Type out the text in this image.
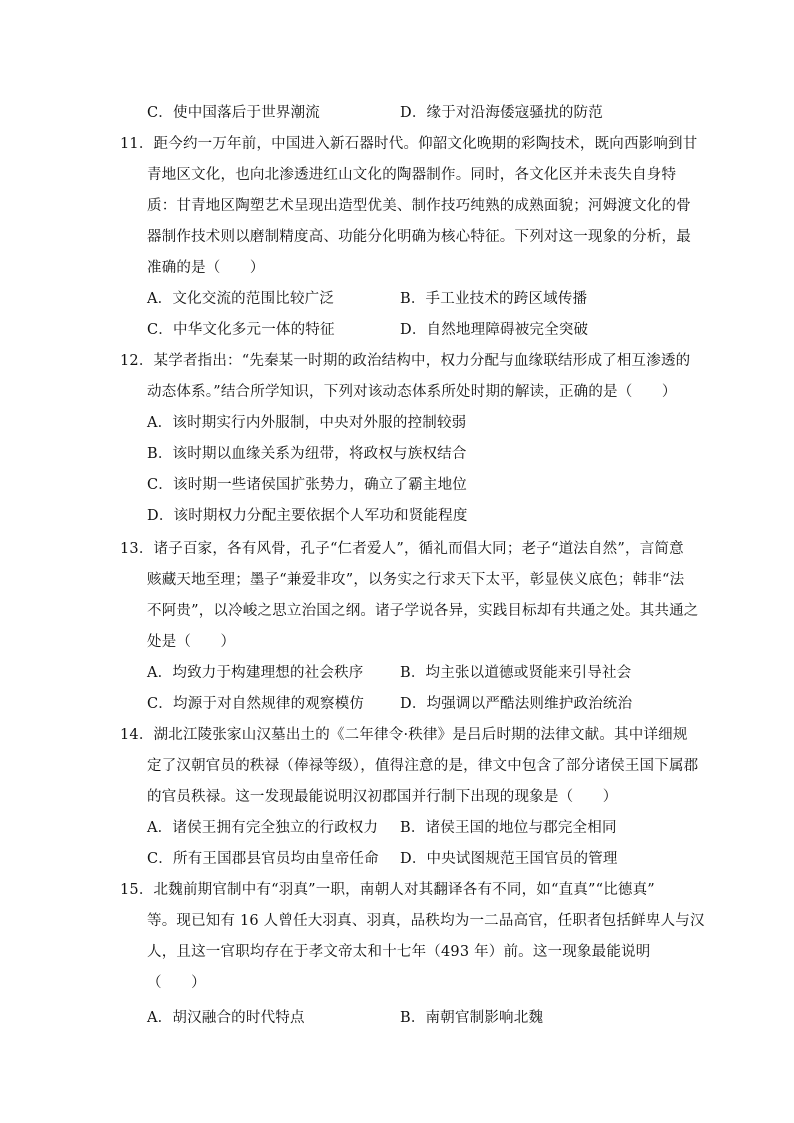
C．使中国落后于世界潮流	D．缘于对沿海倭寇骚扰的防范
11．距今约一万年前，中国进入新石器时代。仰韶文化晚期的彩陶技术，既向西影响到甘
青地区文化，也向北渗透进红山文化的陶器制作。同时，各文化区并未丧失自身特
质：甘青地区陶塑艺术呈现出造型优美、制作技巧纯熟的成熟面貌；河姆渡文化的骨
器制作技术则以磨制精度高、功能分化明确为核心特征。下列对这一现象的分析，最
准确的是（　　）
A．文化交流的范围比较广泛	B．手工业技术的跨区域传播
C．中华文化多元一体的特征	D．自然地理障碍被完全突破
12．某学者指出：“先秦某一时期的政治结构中，权力分配与血缘联结形成了相互渗透的
动态体系。”结合所学知识，下列对该动态体系所处时期的解读，正确的是（　　）
A．该时期实行内外服制，中央对外服的控制较弱
B．该时期以血缘关系为纽带，将政权与族权结合
C．该时期一些诸侯国扩张势力，确立了霸主地位
D．该时期权力分配主要依据个人军功和贤能程度
13．诸子百家，各有风骨，孔子“仁者爱人”，循礼而倡大同；老子“道法自然”，言简意
赅藏天地至理；墨子“兼爱非攻”，以务实之行求天下太平，彰显侠义底色；韩非“法
不阿贵”，以冷峻之思立治国之纲。诸子学说各异，实践目标却有共通之处。其共通之
处是（　　）
A．均致力于构建理想的社会秩序	B．均主张以道德或贤能来引导社会
C．均源于对自然规律的观察模仿 D．均强调以严酷法则维护政治统治
14．湖北江陵张家山汉墓出土的《二年律令·秩律》是吕后时期的法律文献。其中详细规
定了汉朝官员的秩禄（俸禄等级），值得注意的是，律文中包含了部分诸侯王国下属郡
的官员秩禄。这一发现最能说明汉初郡国并行制下出现的现象是（　　）
A．诸侯王拥有完全独立的行政权力 B．诸侯王国的地位与郡完全相同
C．所有王国郡县官员均由皇帝任命 D．中央试图规范王国官员的管理
15．北魏前期官制中有“羽真”一职，南朝人对其翻译各有不同，如“直真”“比德真”
等。现已知有 16 人曾任大羽真、羽真，品秩均为一二品高官，任职者包括鲜卑人与汉
人，且这一官职均存在于孝文帝太和十七年（493 年）前。这一现象最能说明
（　　）
A．胡汉融合的时代特点	B．南朝官制影响北魏
